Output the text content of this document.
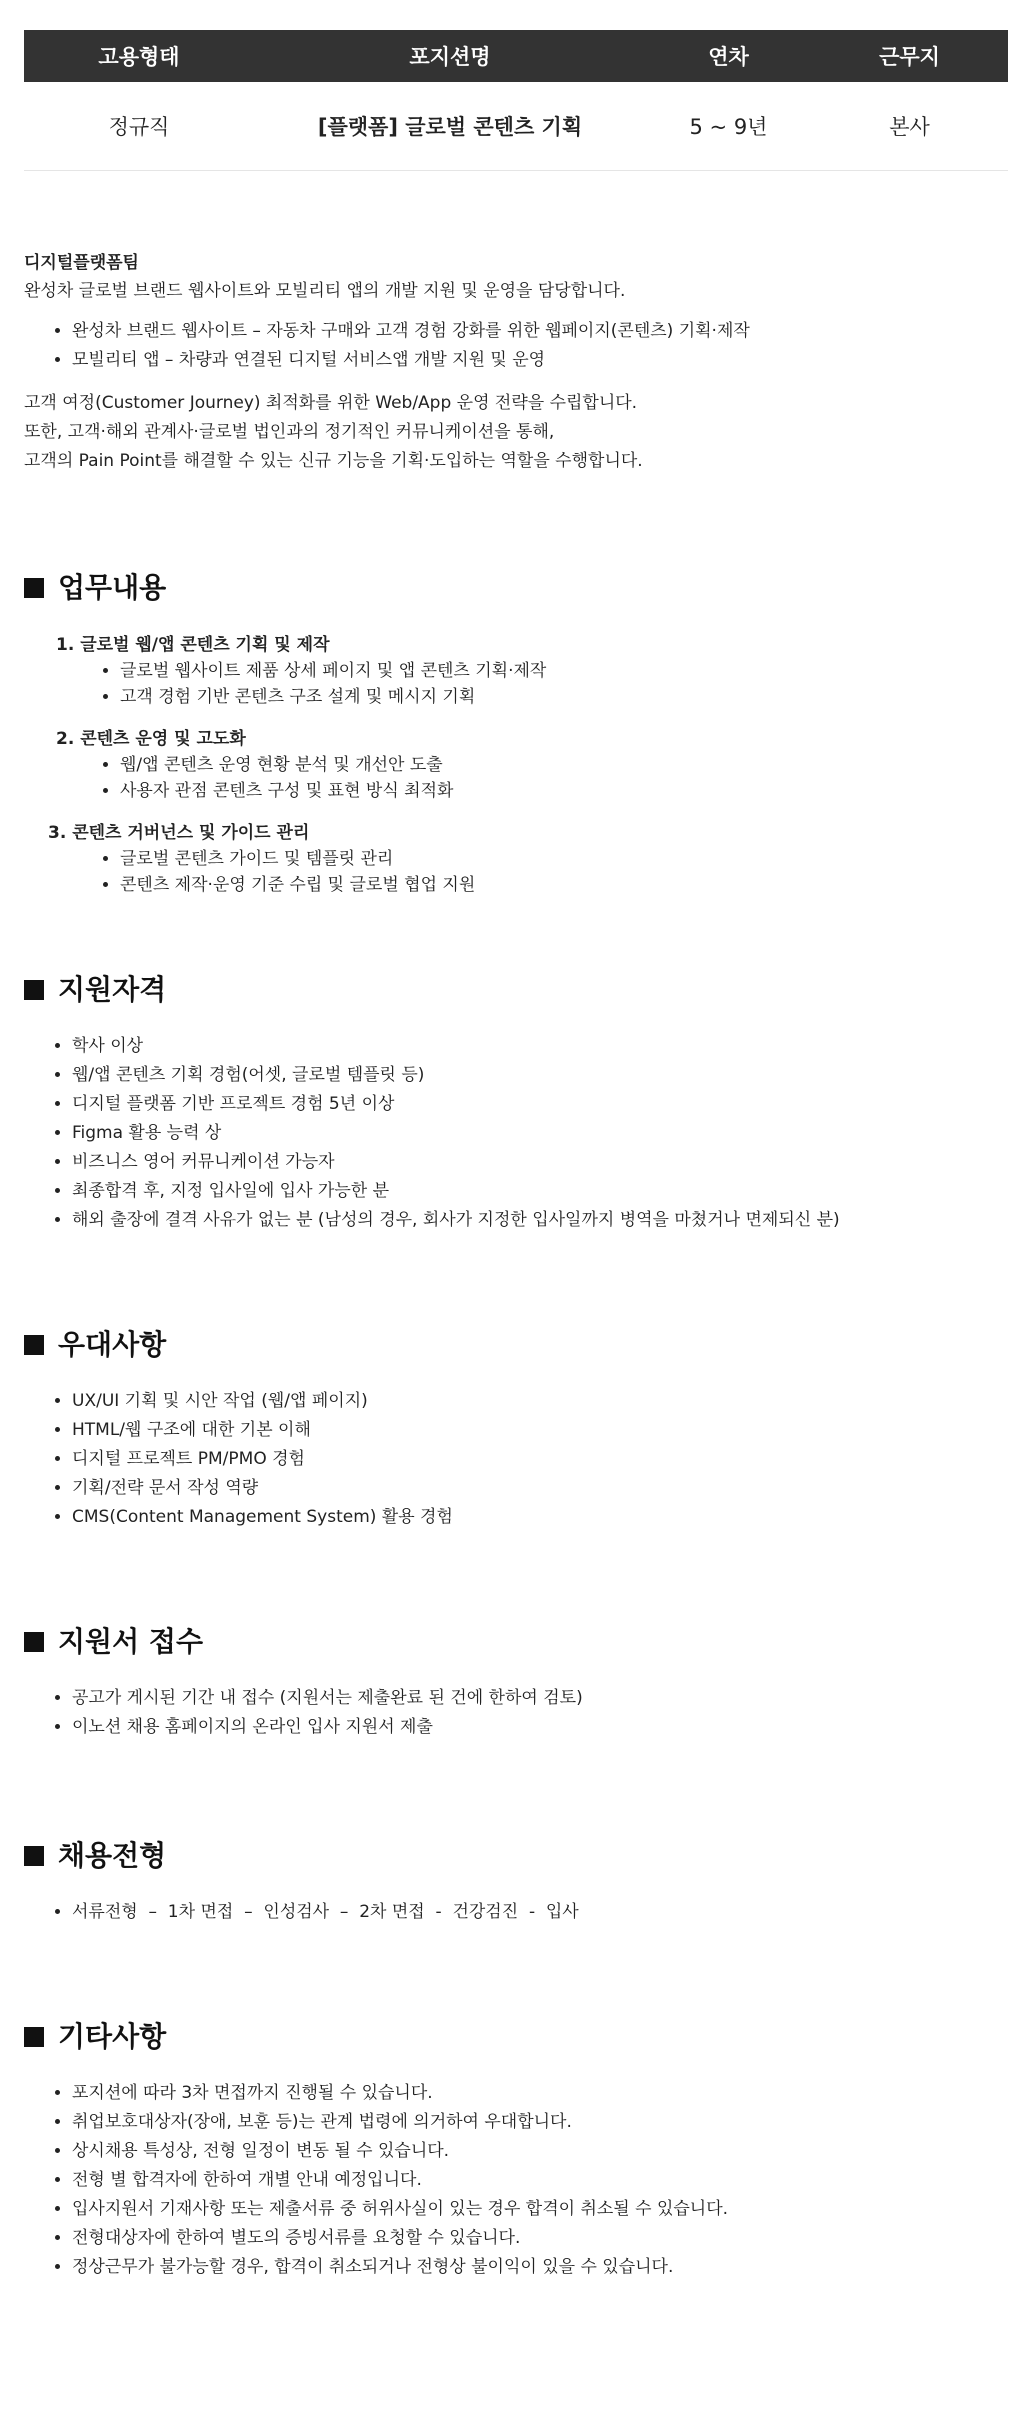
고용형태	포지션명	연차	근무지
정규직	[플랫폼] 글로벌 콘텐츠 기획	5 ~ 9년	본사
디지털플랫폼팀
완성차 글로벌 브랜드 웹사이트와 모빌리티 앱의 개발 지원 및 운영을 담당합니다.
• 완성차 브랜드 웹사이트 – 자동차 구매와 고객 경험 강화를 위한 웹페이지(콘텐츠) 기획·제작
• 모빌리티 앱 – 차량과 연결된 디지털 서비스앱 개발 지원 및 운영

고객 여정(Customer Journey) 최적화를 위한 Web/App 운영 전략을 수립합니다.

또한, 고객·해외 관계사·글로벌 법인과의 정기적인 커뮤니케이션을 통해,

고객의 Pain Point를 해결할 수 있는 신규 기능을 기획·도입하는 역할을 수행합니다.

업무내용
1. 글로벌 웹/앱 콘텐츠 기획 및 제작
• 글로벌 웹사이트 제품 상세 페이지 및 앱 콘텐츠 기획·제작
• 고객 경험 기반 콘텐츠 구조 설계 및 메시지 기획
2. 콘텐츠 운영 및 고도화
• 웹/앱 콘텐츠 운영 현황 분석 및 개선안 도출
• 사용자 관점 콘텐츠 구성 및 표현 방식 최적화
3. 콘텐츠 거버넌스 및 가이드 관리
• 글로벌 콘텐츠 가이드 및 템플릿 관리
• 콘텐츠 제작·운영 기준 수립 및 글로벌 협업 지원
지원자격
• 학사 이상
• 웹/앱 콘텐츠 기획 경험(어셋, 글로벌 템플릿 등)
• 디지털 플랫폼 기반 프로젝트 경험 5년 이상
• Figma 활용 능력 상
• 비즈니스 영어 커뮤니케이션 가능자
• 최종합격 후, 지정 입사일에 입사 가능한 분
• 해외 출장에 결격 사유가 없는 분 (남성의 경우, 회사가 지정한 입사일까지 병역을 마쳤거나 면제되신 분)
우대사항
• UX/UI 기획 및 시안 작업 (웹/앱 페이지)
• HTML/웹 구조에 대한 기본 이해
• 디지털 프로젝트 PM/PMO 경험
• 기획/전략 문서 작성 역량
• CMS(Content Management System) 활용 경험
지원서 접수
• 공고가 게시된 기간 내 접수 (지원서는 제출완료 된 건에 한하여 검토)
• 이노션 채용 홈페이지의 온라인 입사 지원서 제출
채용전형
• 서류전형  –  1차 면접  –  인성검사  –  2차 면접  -  건강검진  -  입사
기타사항
• 포지션에 따라 3차 면접까지 진행될 수 있습니다.
• 취업보호대상자(장애, 보훈 등)는 관계 법령에 의거하여 우대합니다.
• 상시채용 특성상, 전형 일정이 변동 될 수 있습니다.
• 전형 별 합격자에 한하여 개별 안내 예정입니다.
• 입사지원서 기재사항 또는 제출서류 중 허위사실이 있는 경우 합격이 취소될 수 있습니다.
• 전형대상자에 한하여 별도의 증빙서류를 요청할 수 있습니다.
• 정상근무가 불가능할 경우, 합격이 취소되거나 전형상 불이익이 있을 수 있습니다.
